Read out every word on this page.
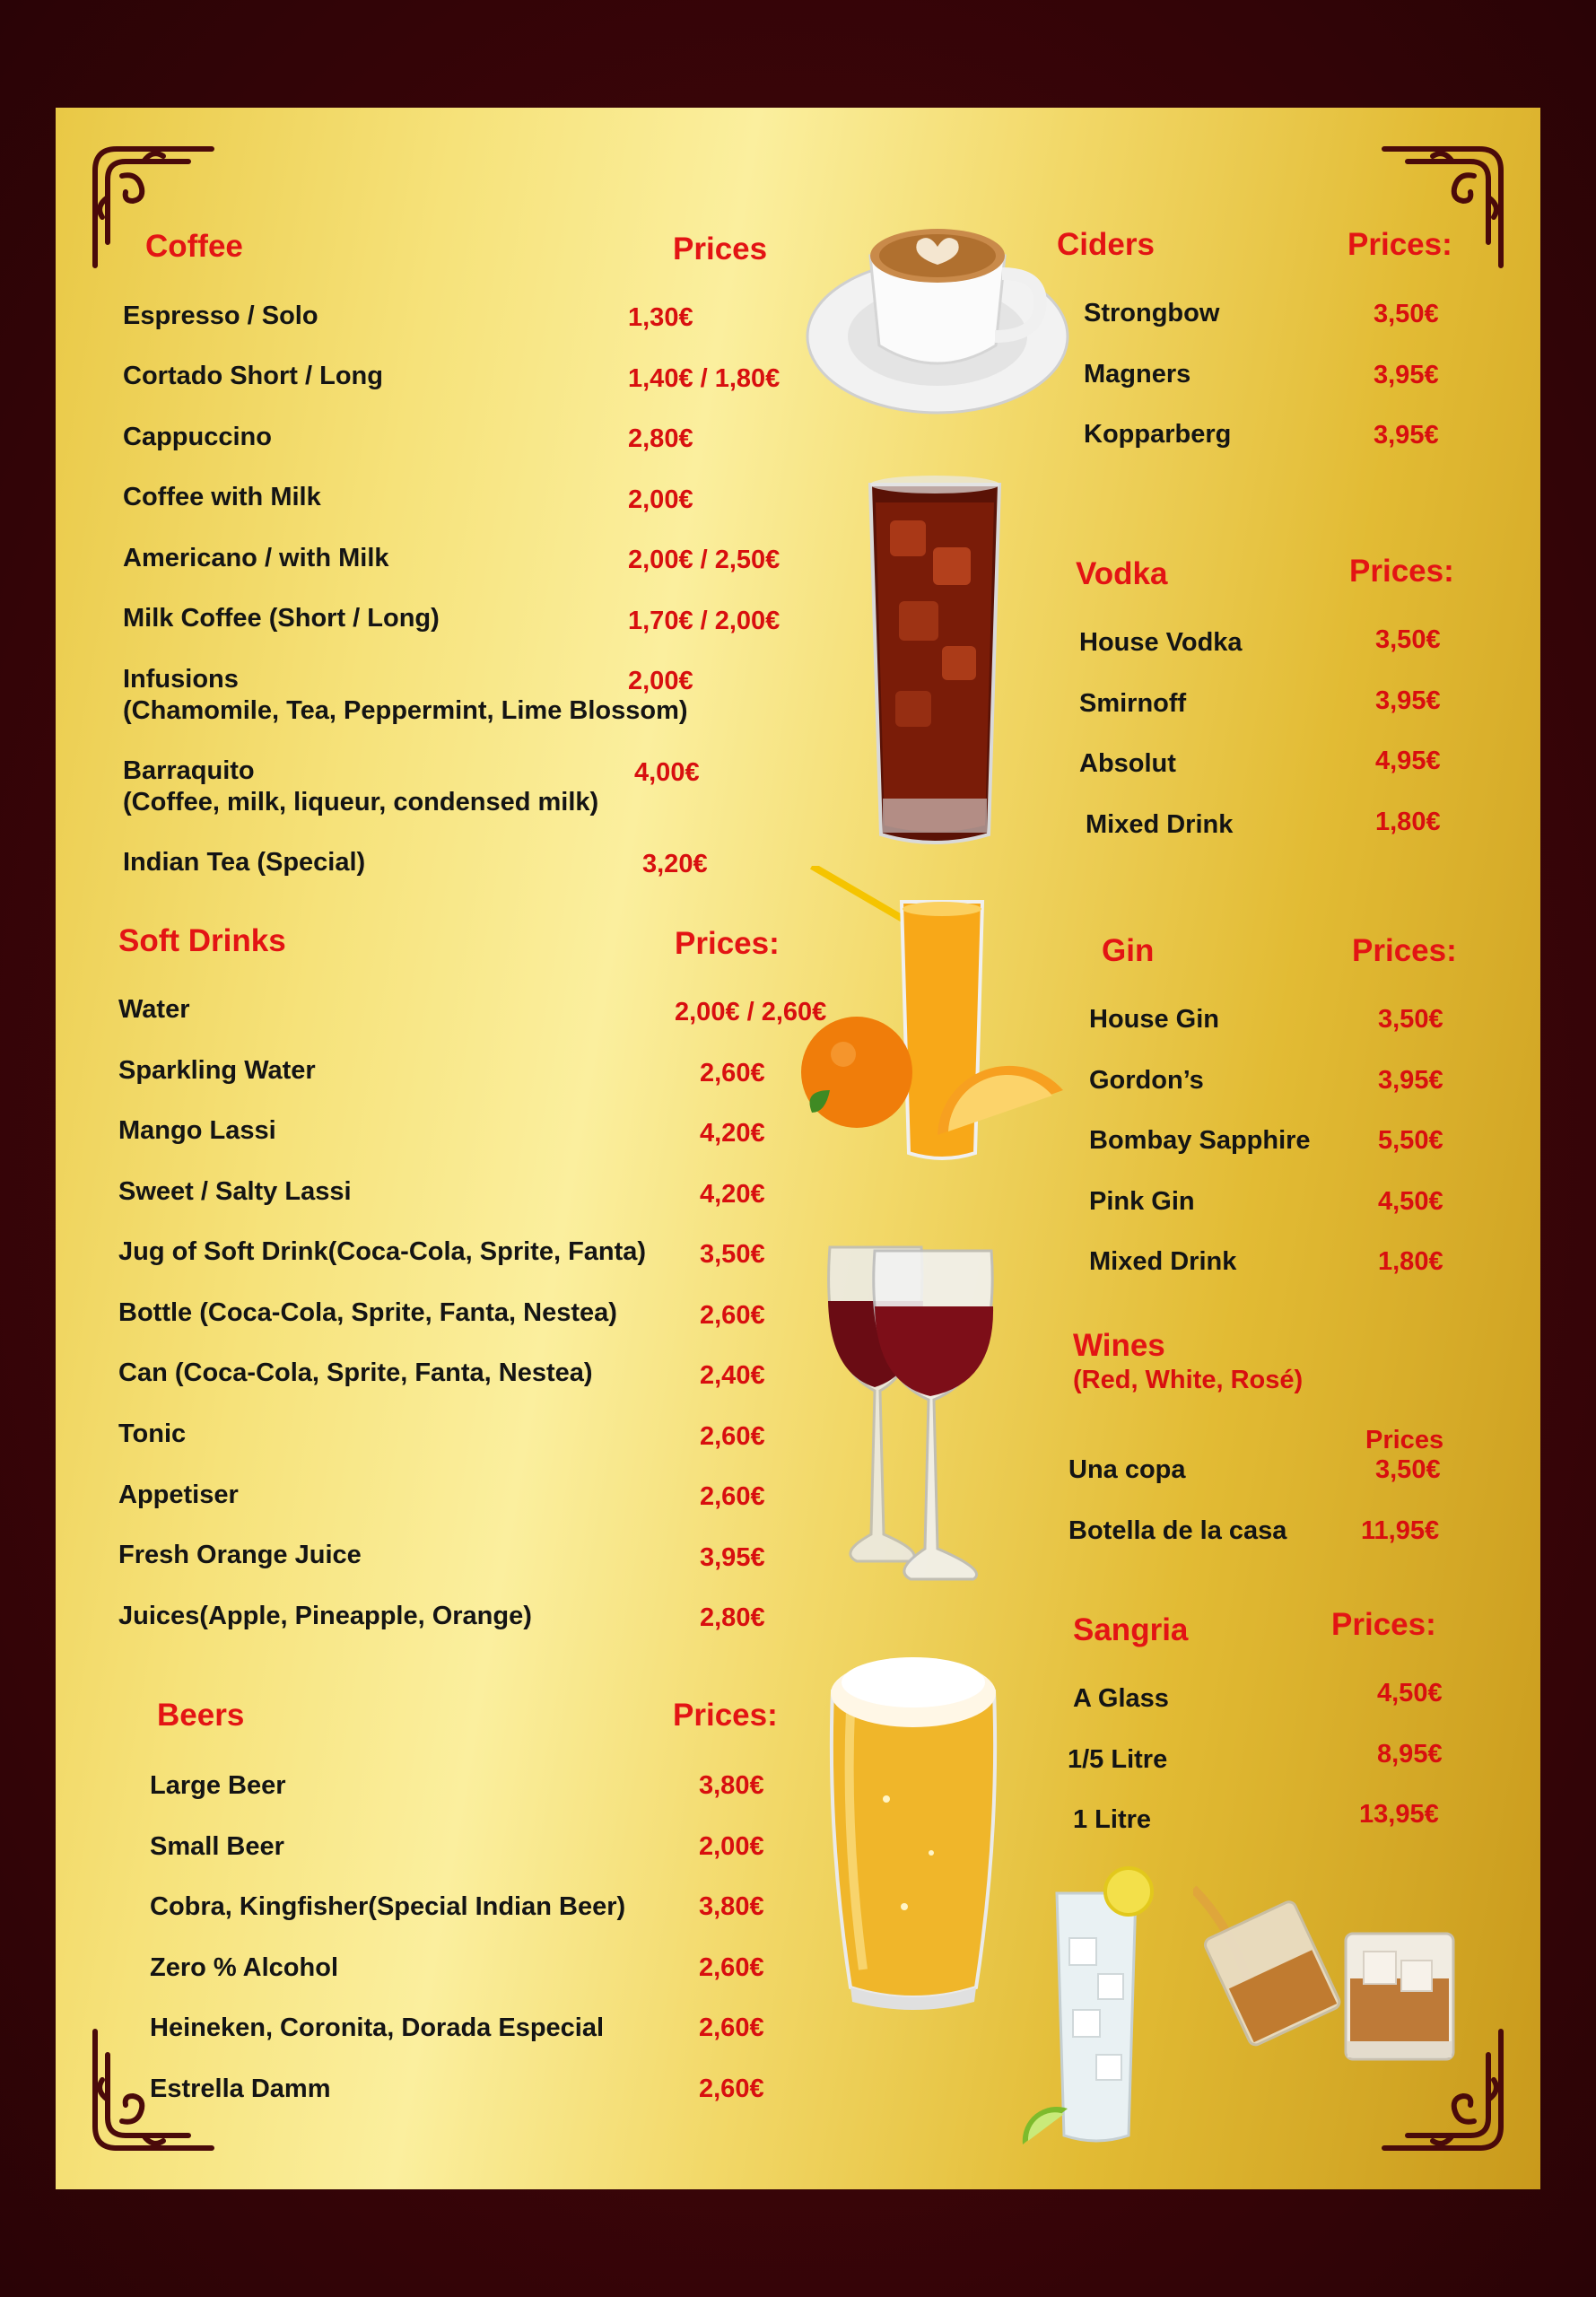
Coffee	Prices
Espresso / Solo	1,30€
Cortado Short / Long	1,40€ / 1,80€
Cappuccino	2,80€
Coffee with Milk	2,00€
Americano / with Milk	2,00€ / 2,50€
Milk Coffee (Short / Long)	1,70€ / 2,00€
Infusions
(Chamomile, Tea, Peppermint, Lime Blossom)
2,00€
Barraquito
(Coffee, milk, liqueur, condensed milk)
4,00€
Indian Tea (Special)	3,20€
Soft Drinks	Prices:
Water	2,00€ / 2,60€
Sparkling Water	2,60€
Mango Lassi	4,20€
Sweet / Salty Lassi	4,20€
Jug of Soft Drink(Coca-Cola, Sprite, Fanta) 3,50€
Bottle (Coca-Cola, Sprite, Fanta, Nestea)	2,60€
Can (Coca-Cola, Sprite, Fanta, Nestea)	2,40€
Tonic	2,60€
Appetiser	2,60€
Fresh Orange Juice	3,95€
Juices(Apple, Pineapple, Orange)	2,80€
Beers	Prices:
Large Beer	3,80€
Small Beer	2,00€
Cobra, Kingfisher(Special Indian Beer)	3,80€
Zero % Alcohol	2,60€
Heineken, Coronita, Dorada Especial	2,60€
Estrella Damm	2,60€
Ciders	Prices:
Strongbow	3,50€
Magners	3,95€
Kopparberg	3,95€
Vodka	Prices:
House Vodka	3,50€
Smirnoff	3,95€
Absolut	4,95€
Mixed Drink	1,80€
Gin	Prices:
House Gin	3,50€
Gordon’s	3,95€
Bombay Sapphire	5,50€
Pink Gin	4,50€
Mixed Drink	1,80€
Wines
(Red, White, Rosé)
Prices
Una copa	3,50€
Botella de la casa	11,95€
Sangria	Prices:
A Glass	4,50€
1/5 Litre	8,95€
1 Litre	13,95€
